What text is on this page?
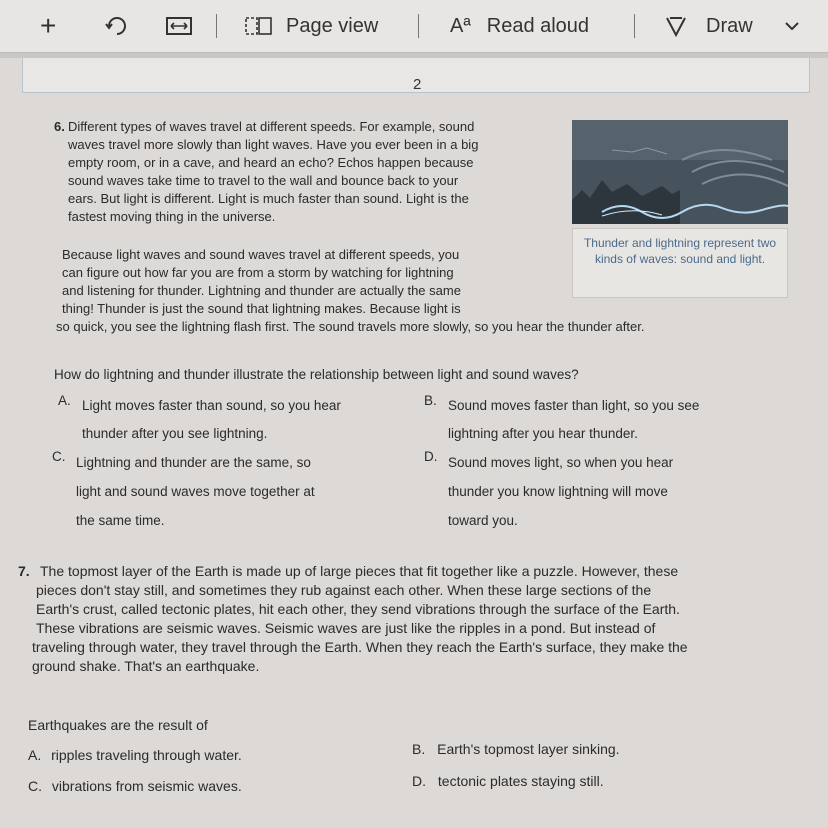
+	Page view	Aª Read aloud	Draw
2
6. Different types of waves travel at different speeds. For example, sound
waves travel more slowly than light waves. Have you ever been in a big
empty room, or in a cave, and heard an echo? Echos happen because
sound waves take time to travel to the wall and bounce back to your
ears. But light is different. Light is much faster than sound. Light is the
fastest moving thing in the universe.
Thunder and lightning represent two kinds of waves: sound and light.
Because light waves and sound waves travel at different speeds, you
can figure out how far you are from a storm by watching for lightning
and listening for thunder. Lightning and thunder are actually the same
thing! Thunder is just the sound that lightning makes. Because light is
so quick, you see the lightning flash first. The sound travels more slowly, so you hear the thunder after.
How do lightning and thunder illustrate the relationship between light and sound waves?
A. Light moves faster than sound, so you hear
thunder after you see lightning.
B. Sound moves faster than light, so you see
lightning after you hear thunder.
C. Lightning and thunder are the same, so
light and sound waves move together at
the same time.
D. Sound moves light, so when you hear
thunder you know lightning will move
toward you.
7. The topmost layer of the Earth is made up of large pieces that fit together like a puzzle. However, these
pieces don't stay still, and sometimes they rub against each other. When these large sections of the
Earth's crust, called tectonic plates, hit each other, they send vibrations through the surface of the Earth.
These vibrations are seismic waves. Seismic waves are just like the ripples in a pond. But instead of
traveling through water, they travel through the Earth. When they reach the Earth's surface, they make the
ground shake. That's an earthquake.
Earthquakes are the result of
A. ripples traveling through water.	B. Earth's topmost layer sinking.
C. vibrations from seismic waves.	D. tectonic plates staying still.
